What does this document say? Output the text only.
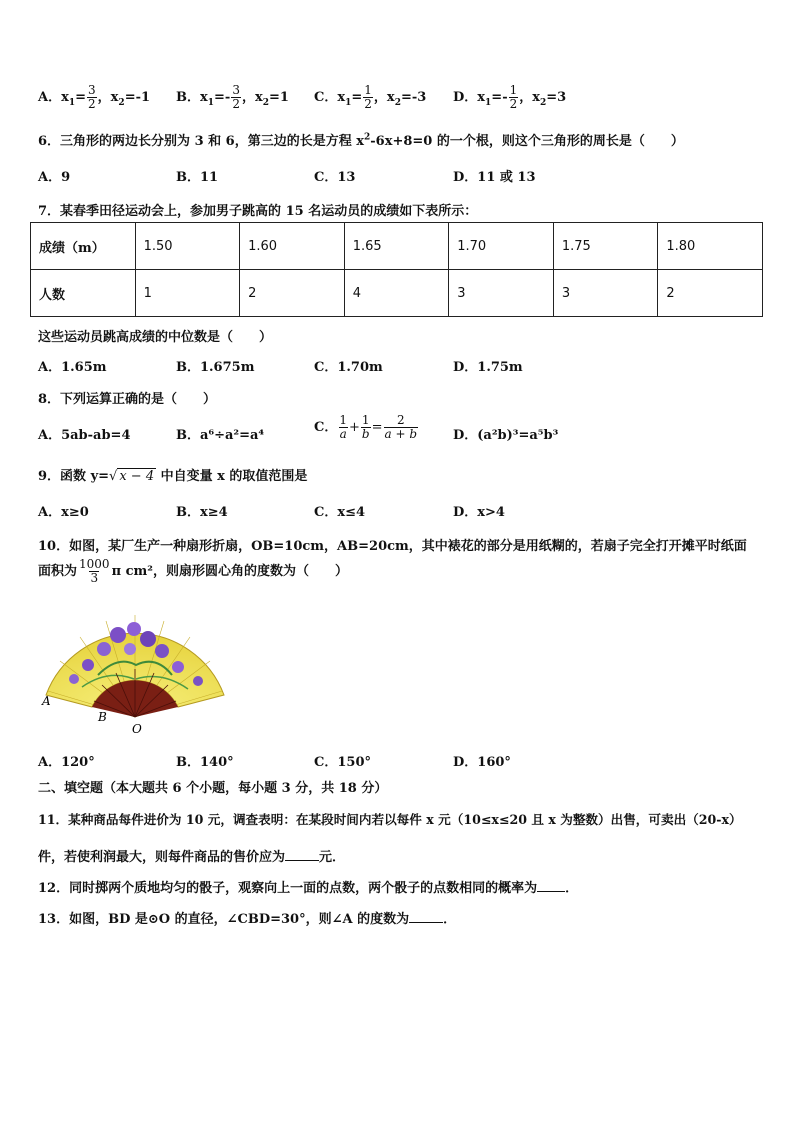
A．$x_1= \frac{3}{2}$ ，$x_2=-1$ B．$x_1=- \frac{3}{2}$ ，$x_2=1$ C．$x_1= \frac{1}{2}$ ，$x_2=-3$ D．$x_1=- \frac{1}{2}$ ，$x_2=3$
6．三角形的两边长分别为 3 和 6，第三边的长是方程 $x^2-6x+8=0$ 的一个根，则这个三角形的周长是（　　）
A．9	B．11	C．13	D．11 或 13
7．某春季田径运动会上，参加男子跳高的 15 名运动员的成绩如下表所示：
成绩（m）	1.50	1.60	1.65	1.70	1.75	1.80
人数	1	2	4	3	3	2
这些运动员跳高成绩的中位数是（　　）
A．1.65m	B．1.675m	C．1.70m	D．1.75m
8．下列运算正确的是（　　）
A．5ab-ab=4	B．a⁶÷a²=a⁴
C． $\frac{1}{a} + \frac{1}{b} = \frac{2}{a + b}$	D．(a²b)³=a⁵b³
9．函数 y=√ x − 4 中自变量 x 的取值范围是
A．x≥0	B．x≥4	C．x≤4	D．x>4
10．如图，某厂生产一种扇形折扇，OB=10cm，AB=20cm，其中裱花的部分是用纸糊的，若扇子完全打开摊平时纸面
面积为 $\frac{1000}{3}$ π cm²，则扇形圆心角的度数为（　　）
A
B
O
A．120°	B．140°	C．150°	D．160°
二、填空题（本大题共 6 个小题，每小题 3 分，共 18 分）
11．某种商品每件进价为 10 元，调查表明：在某段时间内若以每件 x 元（10≤x≤20 且 x 为整数）出售，可卖出（20-x）
件，若使利润最大，则每件商品的售价应为	元．
12．同时掷两个质地均匀的骰子，观察向上一面的点数，两个骰子的点数相同的概率为 ．
13．如图，BD 是⊙O 的直径，∠CBD=30°，则∠A 的度数为	．
